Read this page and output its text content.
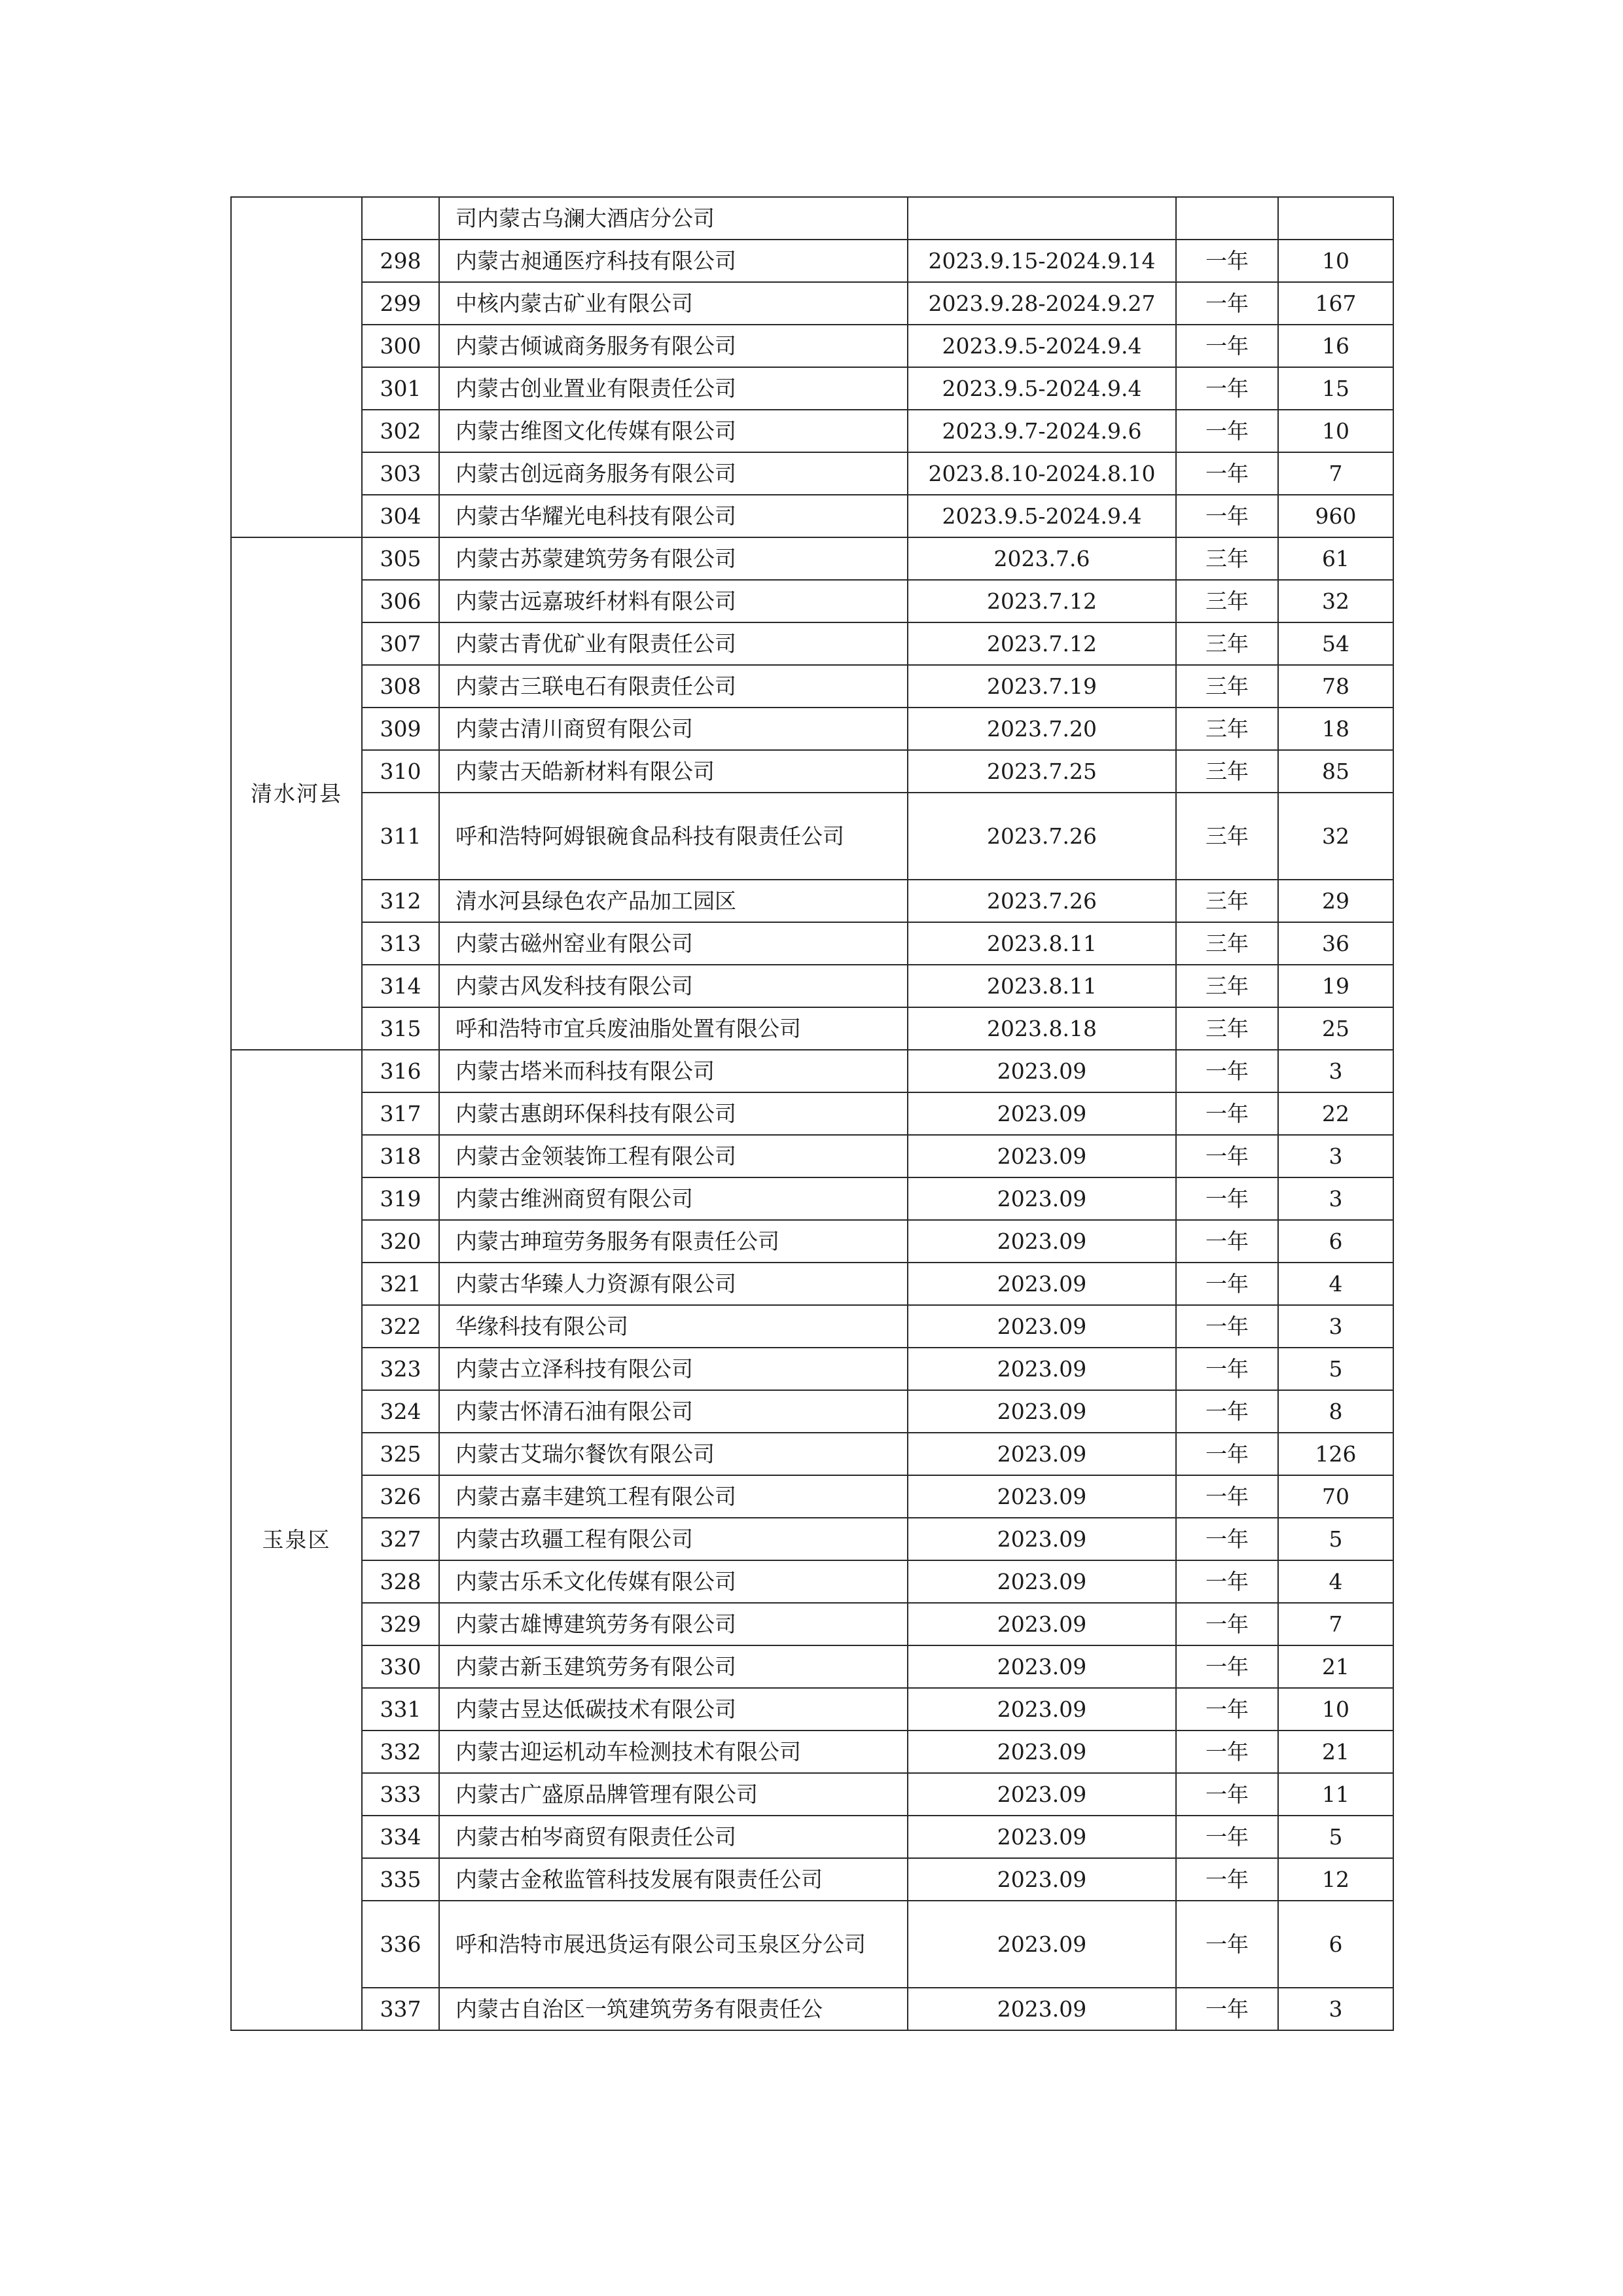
		司内蒙古乌澜大酒店分公司			
	298	内蒙古昶通医疗科技有限公司	2023.9.15-2024.9.14	一年	10
	299	中核内蒙古矿业有限公司	2023.9.28-2024.9.27	一年	167
	300	内蒙古倾诚商务服务有限公司	2023.9.5-2024.9.4	一年	16
	301	内蒙古创业置业有限责任公司	2023.9.5-2024.9.4	一年	15
	302	内蒙古维图文化传媒有限公司	2023.9.7-2024.9.6	一年	10
	303	内蒙古创远商务服务有限公司	2023.8.10-2024.8.10	一年	7
	304	内蒙古华耀光电科技有限公司	2023.9.5-2024.9.4	一年	960
清水河县	305	内蒙古苏蒙建筑劳务有限公司	2023.7.6	三年	61
	306	内蒙古远嘉玻纤材料有限公司	2023.7.12	三年	32
	307	内蒙古青优矿业有限责任公司	2023.7.12	三年	54
	308	内蒙古三联电石有限责任公司	2023.7.19	三年	78
	309	内蒙古清川商贸有限公司	2023.7.20	三年	18
	310	内蒙古天皓新材料有限公司	2023.7.25	三年	85
	311	呼和浩特阿姆银碗食品科技有限责任公司	2023.7.26	三年	32
	312	清水河县绿色农产品加工园区	2023.7.26	三年	29
	313	内蒙古磁州窑业有限公司	2023.8.11	三年	36
	314	内蒙古风发科技有限公司	2023.8.11	三年	19
	315	呼和浩特市宜兵废油脂处置有限公司	2023.8.18	三年	25
玉泉区	316	内蒙古塔米而科技有限公司	2023.09	一年	3
	317	内蒙古惠朗环保科技有限公司	2023.09	一年	22
	318	内蒙古金领装饰工程有限公司	2023.09	一年	3
	319	内蒙古维洲商贸有限公司	2023.09	一年	3
	320	内蒙古珅瑄劳务服务有限责任公司	2023.09	一年	6
	321	内蒙古华臻人力资源有限公司	2023.09	一年	4
	322	华缘科技有限公司	2023.09	一年	3
	323	内蒙古立泽科技有限公司	2023.09	一年	5
	324	内蒙古怀清石油有限公司	2023.09	一年	8
	325	内蒙古艾瑞尔餐饮有限公司	2023.09	一年	126
	326	内蒙古嘉丰建筑工程有限公司	2023.09	一年	70
	327	内蒙古玖疆工程有限公司	2023.09	一年	5
	328	内蒙古乐禾文化传媒有限公司	2023.09	一年	4
	329	内蒙古雄博建筑劳务有限公司	2023.09	一年	7
	330	内蒙古新玉建筑劳务有限公司	2023.09	一年	21
	331	内蒙古昱达低碳技术有限公司	2023.09	一年	10
	332	内蒙古迎运机动车检测技术有限公司	2023.09	一年	21
	333	内蒙古广盛原品牌管理有限公司	2023.09	一年	11
	334	内蒙古柏岑商贸有限责任公司	2023.09	一年	5
	335	内蒙古金秾监管科技发展有限责任公司	2023.09	一年	12
	336	呼和浩特市展迅货运有限公司玉泉区分公司	2023.09	一年	6
	337	内蒙古自治区一筑建筑劳务有限责任公	2023.09	一年	3
